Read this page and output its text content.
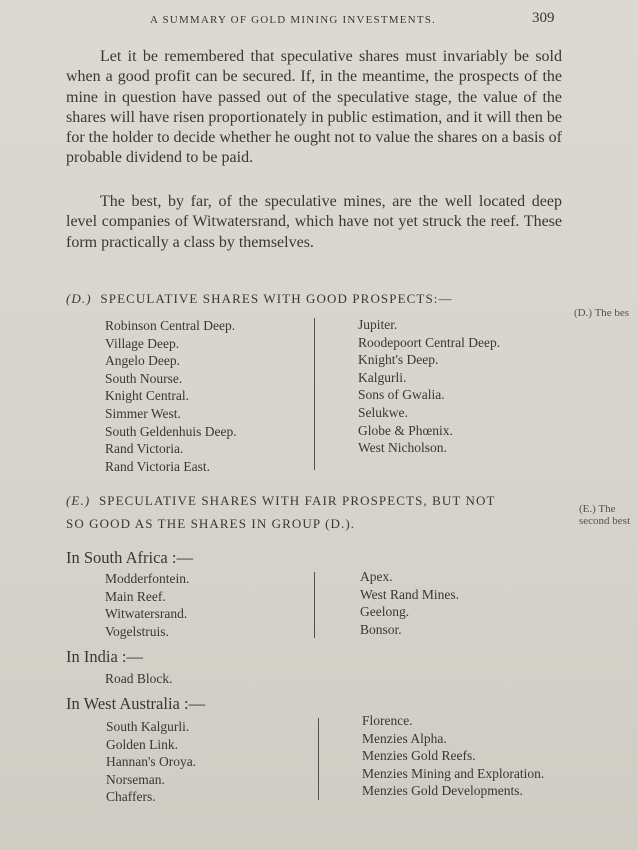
A SUMMARY OF GOLD MINING INVESTMENTS.	309
Let it be remembered that speculative shares must invariably be sold when a good profit can be secured. If, in the meantime, the prospects of the mine in question have passed out of the speculative stage, the value of the shares will have risen proportionately in public estimation, and it will then be for the holder to decide whether he ought not to value the shares on a basis of probable dividend to be paid.
The best, by far, of the speculative mines, are the well located deep level companies of Witwatersrand, which have not yet struck the reef. These form practically a class by themselves.
(D.) SPECULATIVE SHARES WITH GOOD PROSPECTS:—
(D.) The bes
Robinson Central Deep.
Village Deep.
Angelo Deep.
South Nourse.
Knight Central.
Simmer West.
South Geldenhuis Deep.
Rand Victoria.
Rand Victoria East.
Jupiter.
Roodepoort Central Deep.
Knight's Deep.
Kalgurli.
Sons of Gwalia.
Selukwe.
Globe & Phœnix.
West Nicholson.
(E.) SPECULATIVE SHARES WITH FAIR PROSPECTS, BUT NOT
SO GOOD AS THE SHARES IN GROUP (D.).
(E.) The
second best
In South Africa :—
Modderfontein.
Main Reef.
Witwatersrand.
Vogelstruis.
Apex.
West Rand Mines.
Geelong.
Bonsor.
In India :—
Road Block.
In West Australia :—
South Kalgurli.
Golden Link.
Hannan's Oroya.
Norseman.
Chaffers.
Florence.
Menzies Alpha.
Menzies Gold Reefs.
Menzies Mining and Exploration.
Menzies Gold Developments.
